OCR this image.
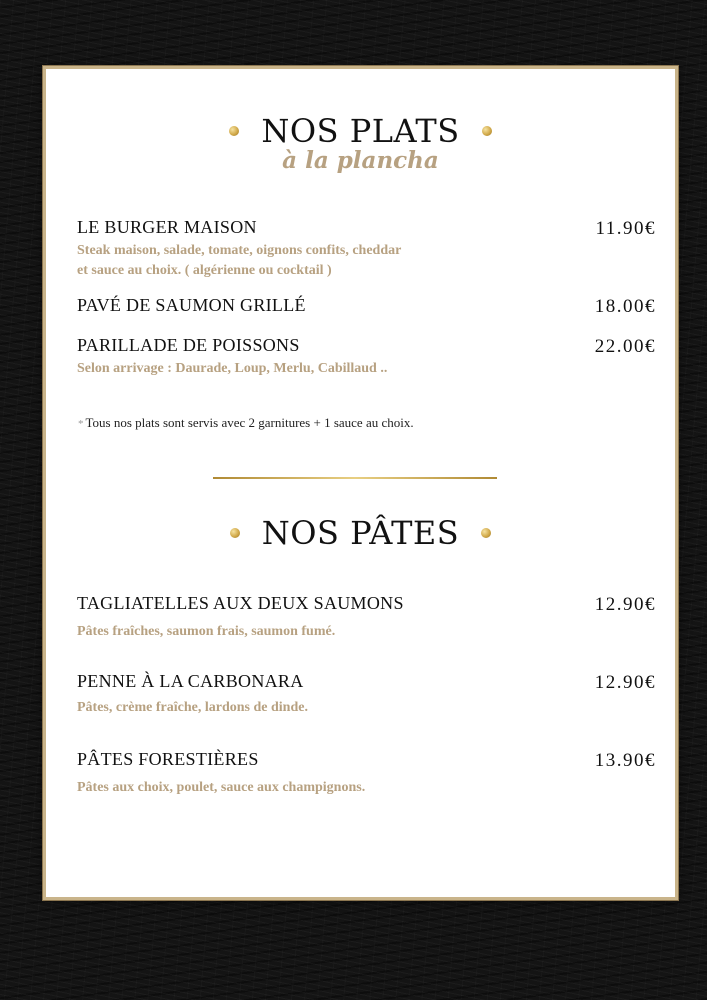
NOS PLATS
à la plancha
LE BURGER MAISON	11.90€
Steak maison, salade, tomate, oignons confits, cheddar
et sauce au choix. ( algérienne ou cocktail )
PAVÉ DE SAUMON GRILLÉ	18.00€
PARILLADE DE POISSONS	22.00€
Selon arrivage : Daurade, Loup, Merlu, Cabillaud ..
* Tous nos plats sont servis avec 2 garnitures + 1 sauce au choix.
NOS PÂTES
TAGLIATELLES AUX DEUX SAUMONS	12.90€
Pâtes fraîches, saumon frais, saumon fumé.
PENNE À LA CARBONARA	12.90€
Pâtes, crème fraîche, lardons de dinde.
PÂTES FORESTIÈRES	13.90€
Pâtes aux choix, poulet, sauce aux champignons.
